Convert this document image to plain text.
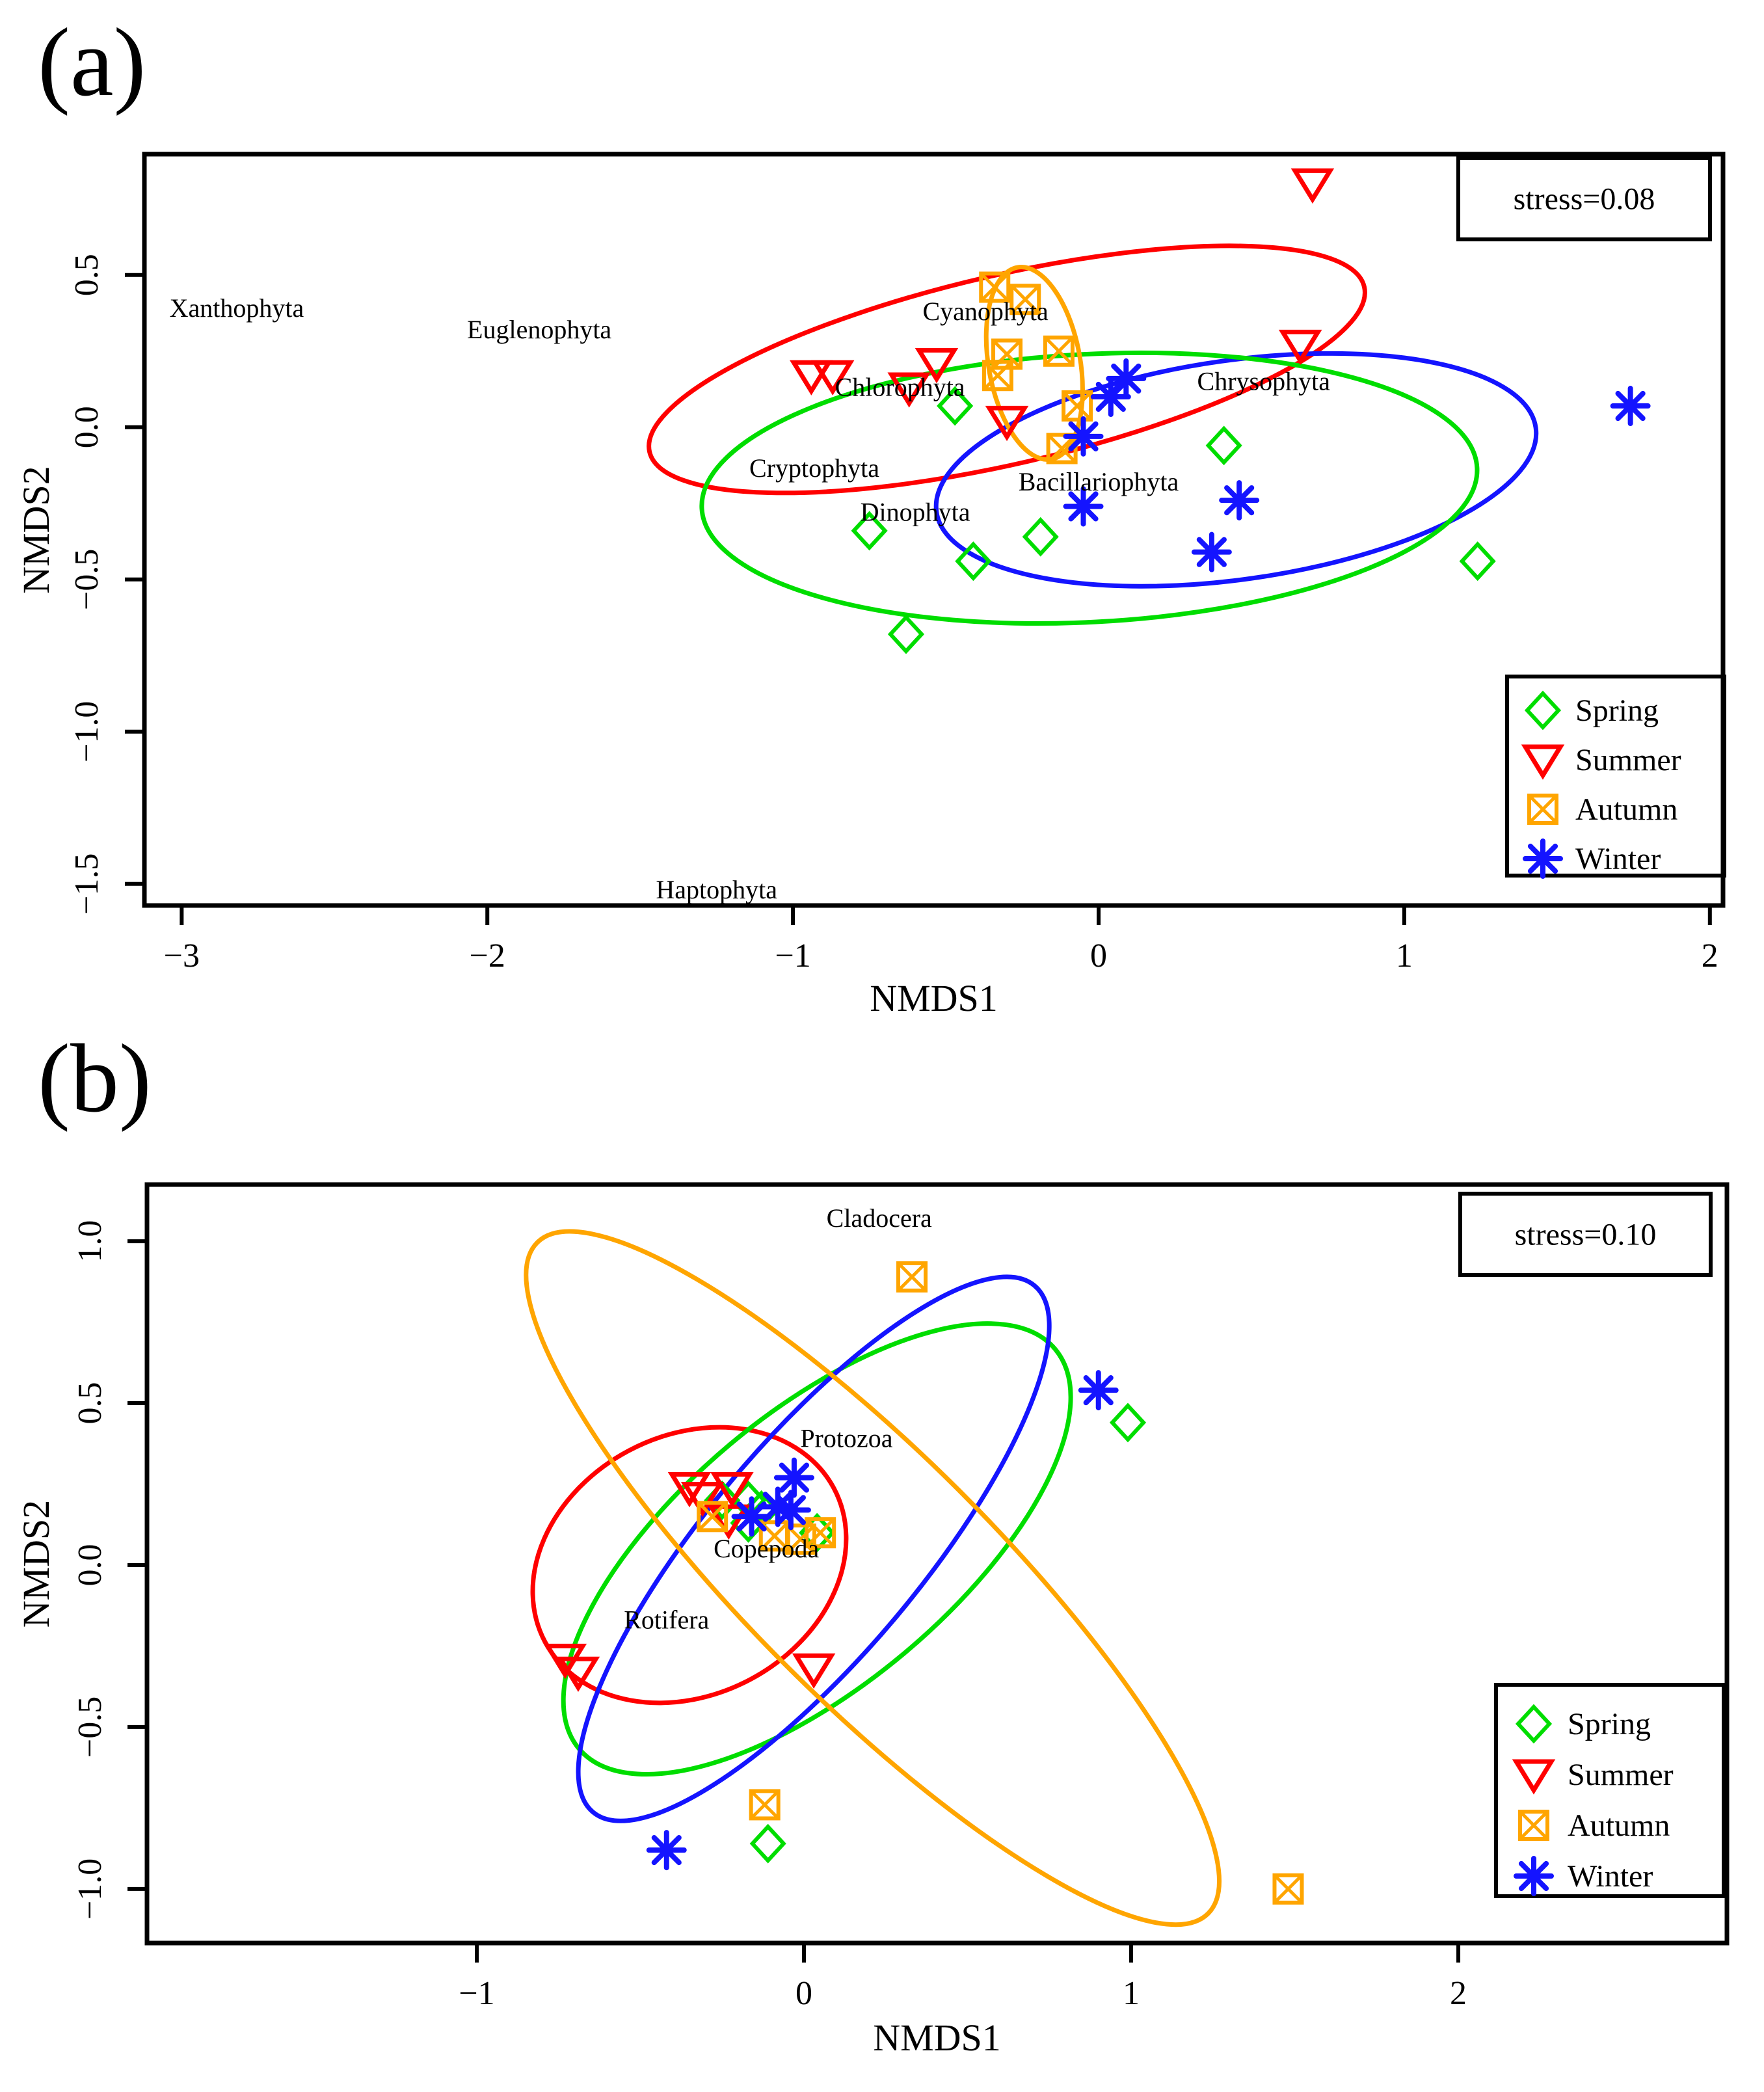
(a)
(b)
−3	−2	−1	0	1	2
0.5
0.0
−0.5
−1.0
−1.5
NMDS1
NMDS2
Xanthophyta
Euglenophyta
Cyanophyta
Chlorophyta	Chrysophyta
Cryptophyta	Bacillariophyta
Dinophyta
Haptophyta
stress=0.08
Spring
Summer
Autumn
Winter
−1	0	1	2
1.0
0.5
0.0
−0.5
−1.0
NMDS1
NMDS2
Cladocera
Protozoa
Copepoda
Rotifera
stress=0.10
Spring
Summer
Autumn
Winter
